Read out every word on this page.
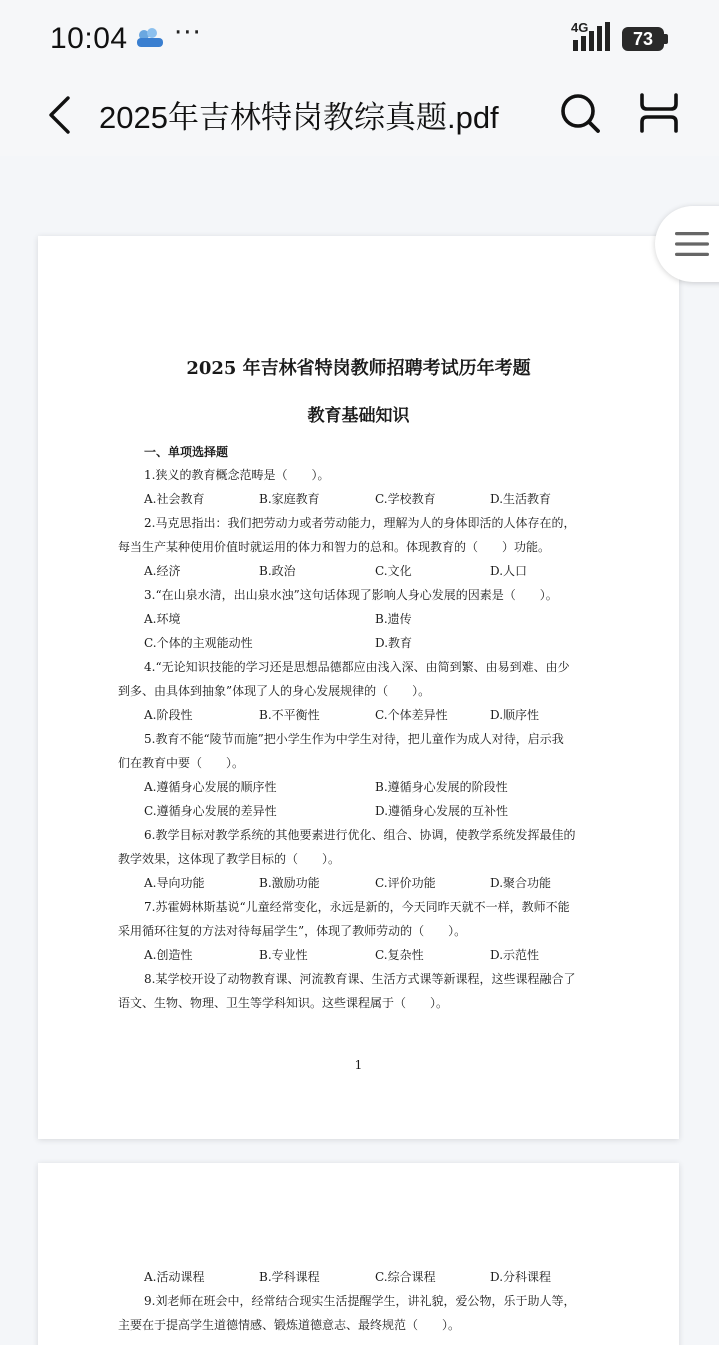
10:04 ···	4G
73
2025年吉林特岗教综真题.pdf
2025 年吉林省特岗教师招聘考试历年考题
教育基础知识
一、单项选择题
1.狭义的教育概念范畴是（　　）。
A.社会教育	B.家庭教育	C.学校教育	D.生活教育
2.马克思指出：我们把劳动力或者劳动能力，理解为人的身体即活的人体存在的，
每当生产某种使用价值时就运用的体力和智力的总和。体现教育的（　　）功能。
A.经济	B.政治	C.文化	D.人口
3.“在山泉水清，出山泉水浊”这句话体现了影响人身心发展的因素是（　　）。
A.环境	B.遗传
C.个体的主观能动性	D.教育
4.“无论知识技能的学习还是思想品德都应由浅入深、由简到繁、由易到难、由少
到多、由具体到抽象”体现了人的身心发展规律的（　　）。
A.阶段性	B.不平衡性	C.个体差异性	D.顺序性
5.教育不能“陵节而施”把小学生作为中学生对待，把儿童作为成人对待，启示我
们在教育中要（　　）。
A.遵循身心发展的顺序性	B.遵循身心发展的阶段性
C.遵循身心发展的差异性	D.遵循身心发展的互补性
6.教学目标对教学系统的其他要素进行优化、组合、协调，使教学系统发挥最佳的
教学效果，这体现了教学目标的（　　）。
A.导向功能	B.激励功能	C.评价功能	D.聚合功能
7.苏霍姆林斯基说“儿童经常变化，永远是新的，今天同昨天就不一样，教师不能
采用循环往复的方法对待每届学生”，体现了教师劳动的（　　）。
A.创造性	B.专业性	C.复杂性	D.示范性
8.某学校开设了动物教育课、河流教育课、生活方式课等新课程，这些课程融合了
语文、生物、物理、卫生等学科知识。这些课程属于（　　）。
1
A.活动课程	B.学科课程	C.综合课程	D.分科课程
9.刘老师在班会中，经常结合现实生活提醒学生，讲礼貌，爱公物，乐于助人等，
主要在于提高学生道德情感、锻炼道德意志、最终规范（　　）。
